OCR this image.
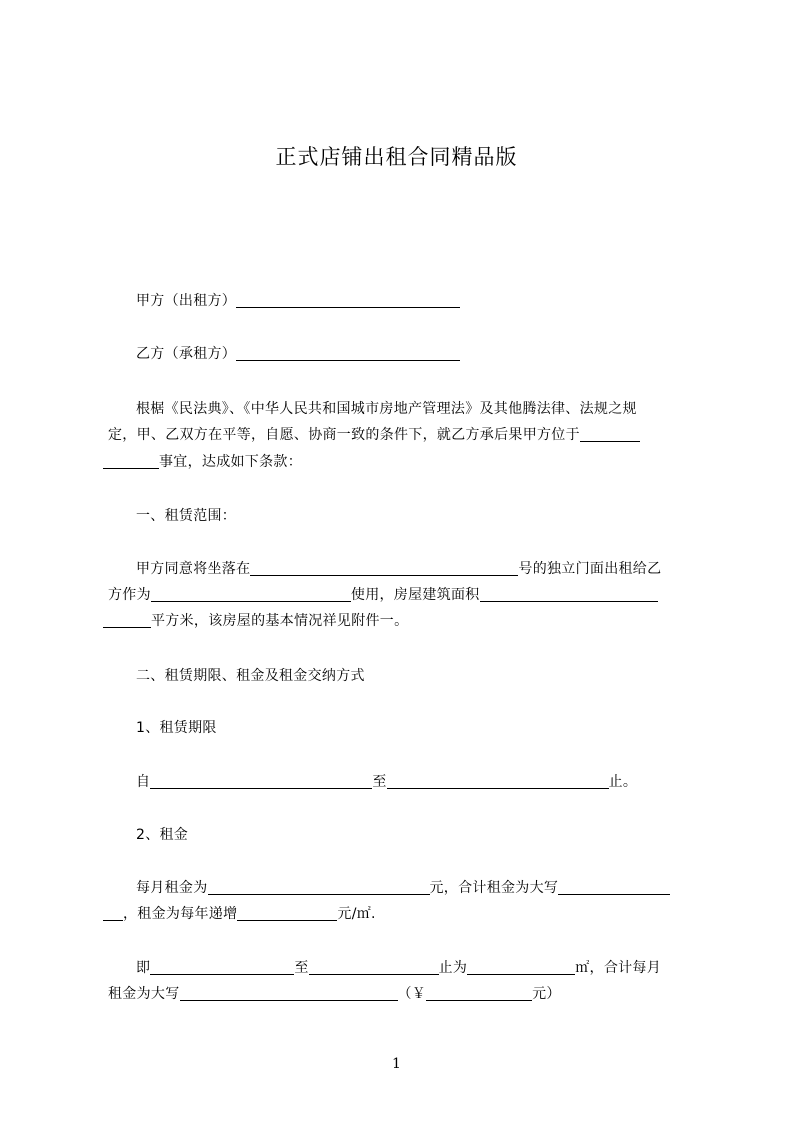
正式店铺出租合同精品版
甲方（出租方）
乙方（承租方）
根椐《民法典》、《中华人民共和国城市房地产管理法》及其他腾法律、法规之规
定，甲、乙双方在平等，自愿、协商一致的条件下，就乙方承后果甲方位于
事宜，达成如下条款：
一、租赁范围：
甲方同意将坐落在	号的独立门面出租给乙
方作为	使用，房屋建筑面积
平方米，该房屋的基本情况祥见附件一。
二、租赁期限、租金及租金交纳方式
1、租赁期限
自	至	止。
2、租金
每月租金为	元，合计租金为大写
，租金为每年递增	元/㎡.
即	至	止为	㎡，合计每月
租金为大写	（￥	元）
1
